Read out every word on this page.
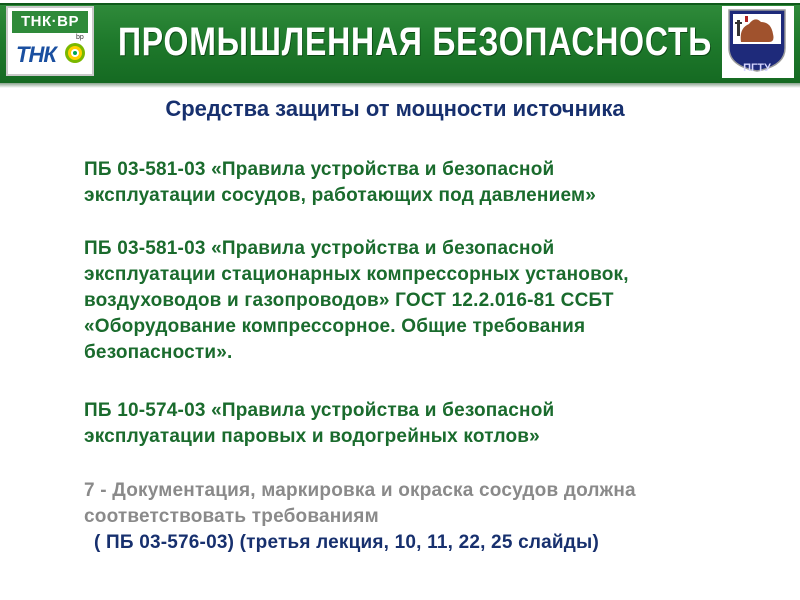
ТНК·BP
ТНК
bp ПРОМЫШЛЕННАЯ БЕЗОПАСНОСТЬ
ПГТУ
Средства защиты от мощности источника
ПБ 03-581-03 «Правила устройства и безопасной
эксплуатации сосудов, работающих под давлением»
ПБ 03-581-03 «Правила устройства и безопасной
эксплуатации стационарных компрессорных установок,
воздуховодов и газопроводов» ГОСТ 12.2.016-81 ССБТ
«Оборудование компрессорное. Общие требования
безопасности».
ПБ 10-574-03 «Правила устройства и безопасной
эксплуатации паровых и водогрейных котлов»
7 - Документация, маркировка и окраска сосудов должна
соответствовать требованиям
( ПБ 03-576-03) (третья лекция, 10, 11, 22, 25 слайды)
